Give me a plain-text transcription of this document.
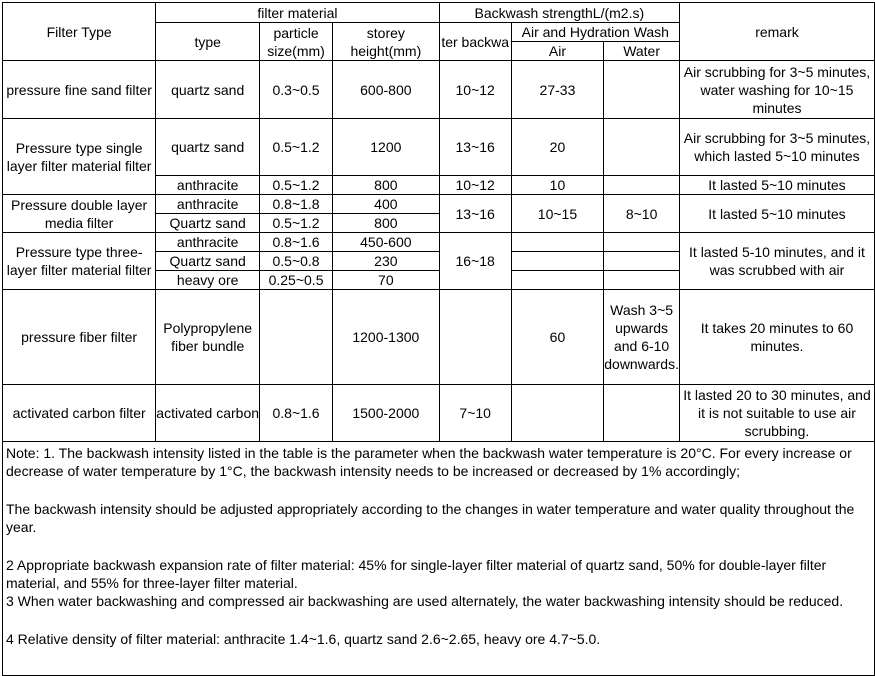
Filter Type	filter material			Backwash strengthL/(m2.s)			remark
	type	particle size(mm)	storey height(mm)	ter backwa	Air and Hydration Wash		
					Air	Water	
pressure fine sand filter	quartz sand	0.3~0.5	600-800	10~12	27-33		Air scrubbing for 3~5 minutes, water washing for 10~15 minutes
Pressure type single layer filter material filter	quartz sand	0.5~1.2	1200	13~16	20		Air scrubbing for 3~5 minutes, which lasted 5~10 minutes
	anthracite	0.5~1.2	800	10~12	10		It lasted 5~10 minutes
Pressure double layer media filter	anthracite	0.8~1.8	400	13~16	10~15	8~10	It lasted 5~10 minutes
	Quartz sand	0.5~1.2	800				
Pressure type three-layer filter material filter	anthracite	0.8~1.6	450-600	16~18			It lasted 5-10 minutes, and it was scrubbed with air
	Quartz sand	0.5~0.8	230				
	heavy ore	0.25~0.5	70				
pressure fiber filter	Polypropylene fiber bundle		1200-1300		60	Wash 3~5 upwards and 6-10 downwards.	It takes 20 minutes to 60 minutes.
activated carbon filter	activated carbon	0.8~1.6	1500-2000	7~10			It lasted 20 to 30 minutes, and it is not suitable to use air scrubbing.

Note: 1. The backwash intensity listed in the table is the parameter when the backwash water temperature is 20°C. For every increase or decrease of water temperature by 1°C, the backwash intensity needs to be increased or decreased by 1% accordingly;

The backwash intensity should be adjusted appropriately according to the changes in water temperature and water quality throughout the year.

2 Appropriate backwash expansion rate of filter material: 45% for single-layer filter material of quartz sand, 50% for double-layer filter material, and 55% for three-layer filter material.

3 When water backwashing and compressed air backwashing are used alternately, the water backwashing intensity should be reduced.

4 Relative density of filter material: anthracite 1.4~1.6, quartz sand 2.6~2.65, heavy ore 4.7~5.0.							
